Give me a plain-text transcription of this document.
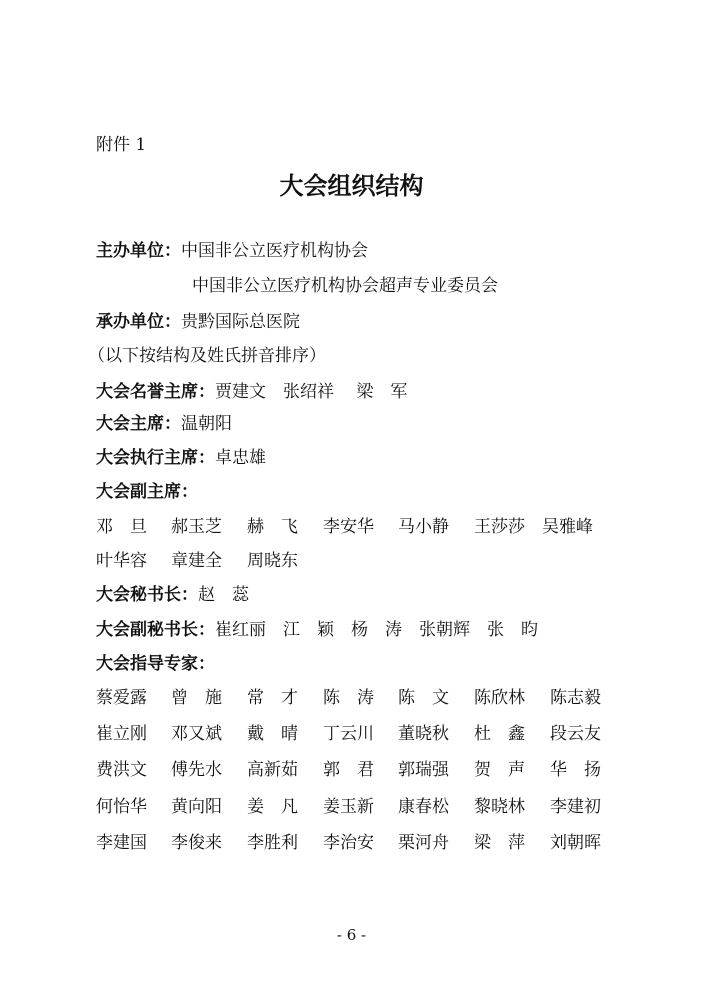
附件 1
大会组织结构
主办单位：中国非公立医疗机构协会
中国非公立医疗机构协会超声专业委员会
承办单位：贵黔国际总医院
（以下按结构及姓氏拼音排序）
大会名誉主席：贾建文　张绍祥　 梁　军
大会主席：温朝阳
大会执行主席：卓忠雄
大会副主席：
邓　旦 郝玉芝 赫　飞 李安华 马小静 王莎莎 吴雅峰
叶华容 章建全 周晓东
大会秘书长：赵　蕊
大会副秘书长：崔红丽　江　颖　杨　涛　张朝辉　张　昀
大会指导专家：
蔡爱露 曾　施 常　才 陈　涛 陈　文 陈欣林 陈志毅
崔立刚 邓又斌 戴　晴 丁云川 董晓秋 杜　鑫 段云友
费洪文 傅先水 高新茹 郭　君 郭瑞强 贺　声 华　扬
何怡华 黄向阳 姜　凡 姜玉新 康春松 黎晓林 李建初
李建国 李俊来 李胜利 李治安 栗河舟 梁　萍 刘朝晖
- 6 -
